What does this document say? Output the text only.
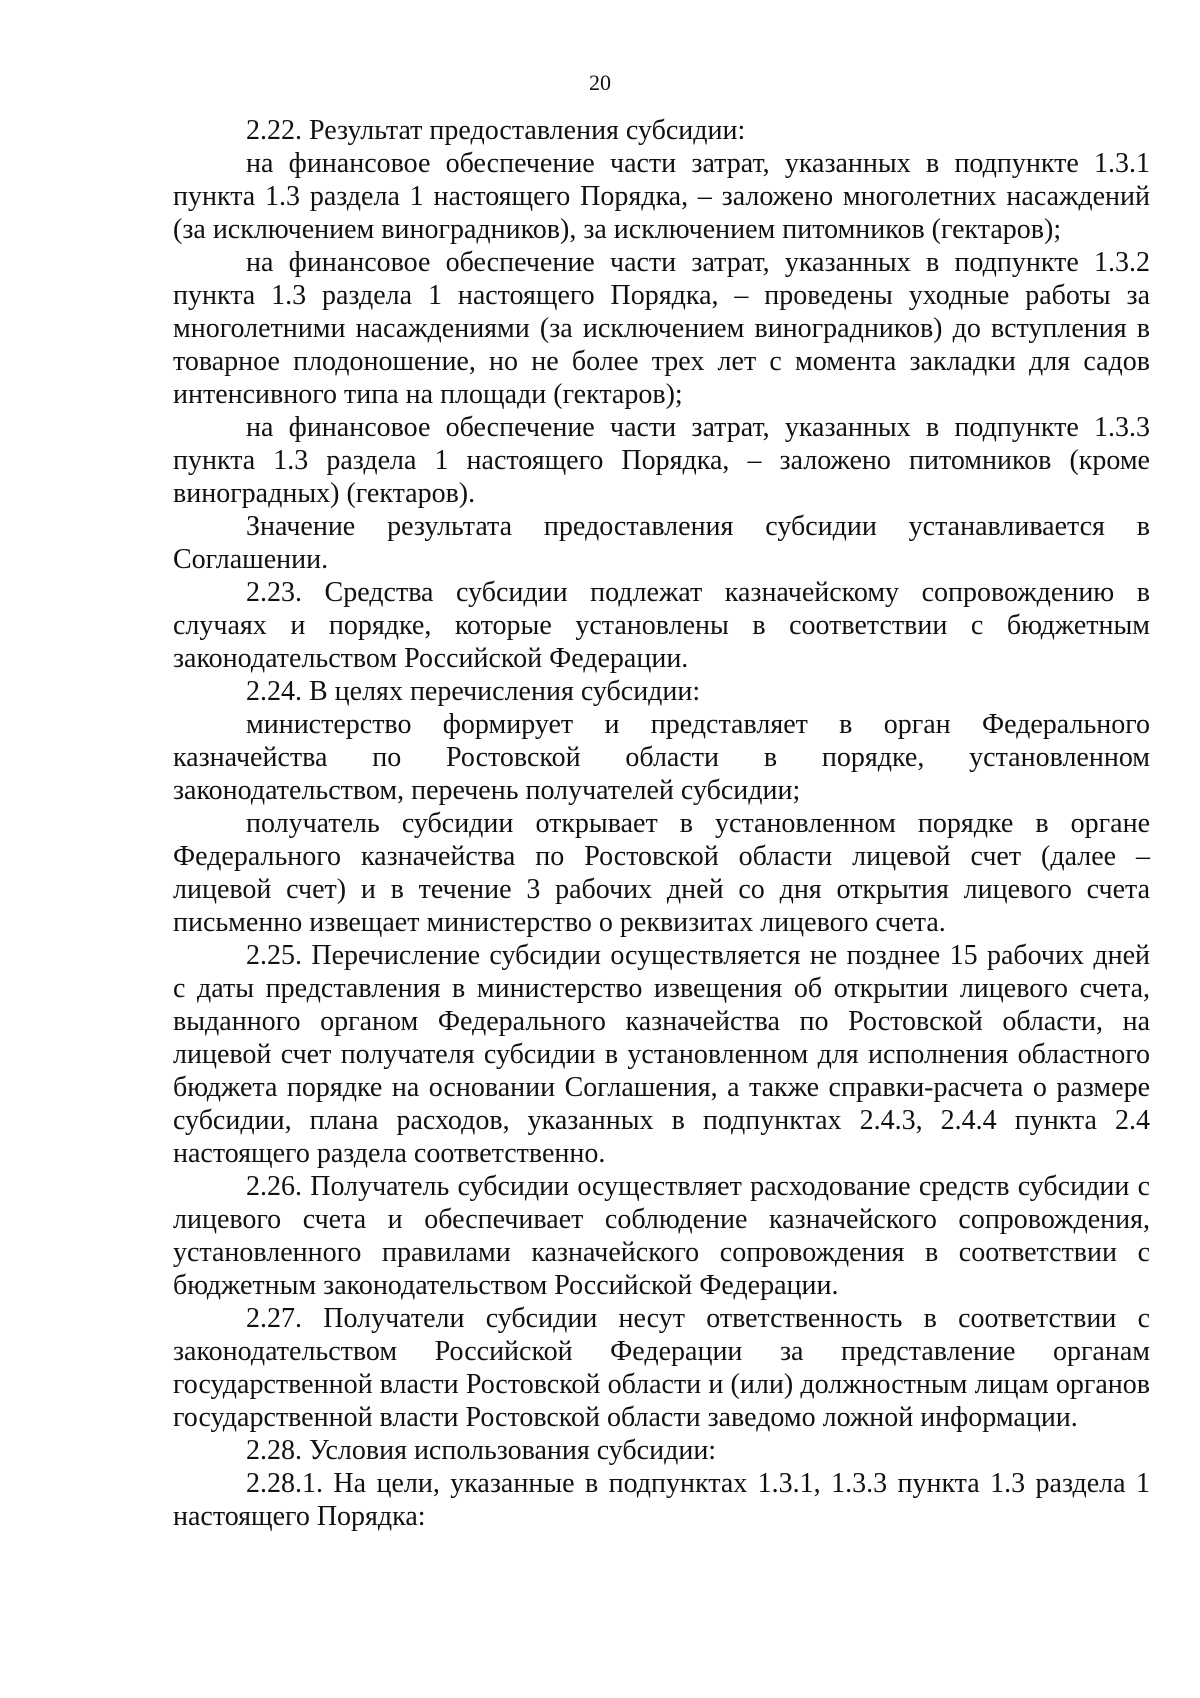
20

2.22. Результат предоставления субсидии:

на финансовое обеспечение части затрат, указанных в подпункте 1.3.1 пункта 1.3 раздела 1 настоящего Порядка, – заложено многолетних насаждений (за исключением виноградников), за исключением питомников (гектаров);

на финансовое обеспечение части затрат, указанных в подпункте 1.3.2 пункта 1.3 раздела 1 настоящего Порядка, – проведены уходные работы за многолетними насаждениями (за исключением виноградников) до вступления в товарное плодоношение, но не более трех лет с момента закладки для садов интенсивного типа на площади (гектаров);

на финансовое обеспечение части затрат, указанных в подпункте 1.3.3 пункта 1.3 раздела 1 настоящего Порядка, – заложено питомников (кроме виноградных) (гектаров).

Значение результата предоставления субсидии устанавливается в Соглашении.

2.23. Средства субсидии подлежат казначейскому сопровождению в случаях и порядке, которые установлены в соответствии с бюджетным законодательством Российской Федерации.

2.24. В целях перечисления субсидии:

министерство формирует и представляет в орган Федерального казначейства по Ростовской области в порядке, установленном законодательством, перечень получателей субсидии;

получатель субсидии открывает в установленном порядке в органе Федерального казначейства по Ростовской области лицевой счет (далее – лицевой счет) и в течение 3 рабочих дней со дня открытия лицевого счета письменно извещает министерство о реквизитах лицевого счета.

2.25. Перечисление субсидии осуществляется не позднее 15 рабочих дней с даты представления в министерство извещения об открытии лицевого счета, выданного органом Федерального казначейства по Ростовской области, на лицевой счет получателя субсидии в установленном для исполнения областного бюджета порядке на основании Соглашения, а также справки-расчета о размере субсидии, плана расходов, указанных в подпунктах 2.4.3, 2.4.4 пункта 2.4 настоящего раздела соответственно.

2.26. Получатель субсидии осуществляет расходование средств субсидии с лицевого счета и обеспечивает соблюдение казначейского сопровождения, установленного правилами казначейского сопровождения в соответствии с бюджетным законодательством Российской Федерации.

2.27. Получатели субсидии несут ответственность в соответствии с законодательством Российской Федерации за представление органам государственной власти Ростовской области и (или) должностным лицам органов государственной власти Ростовской области заведомо ложной информации.

2.28. Условия использования субсидии:

2.28.1. На цели, указанные в подпунктах 1.3.1, 1.3.3 пункта 1.3 раздела 1 настоящего Порядка:
